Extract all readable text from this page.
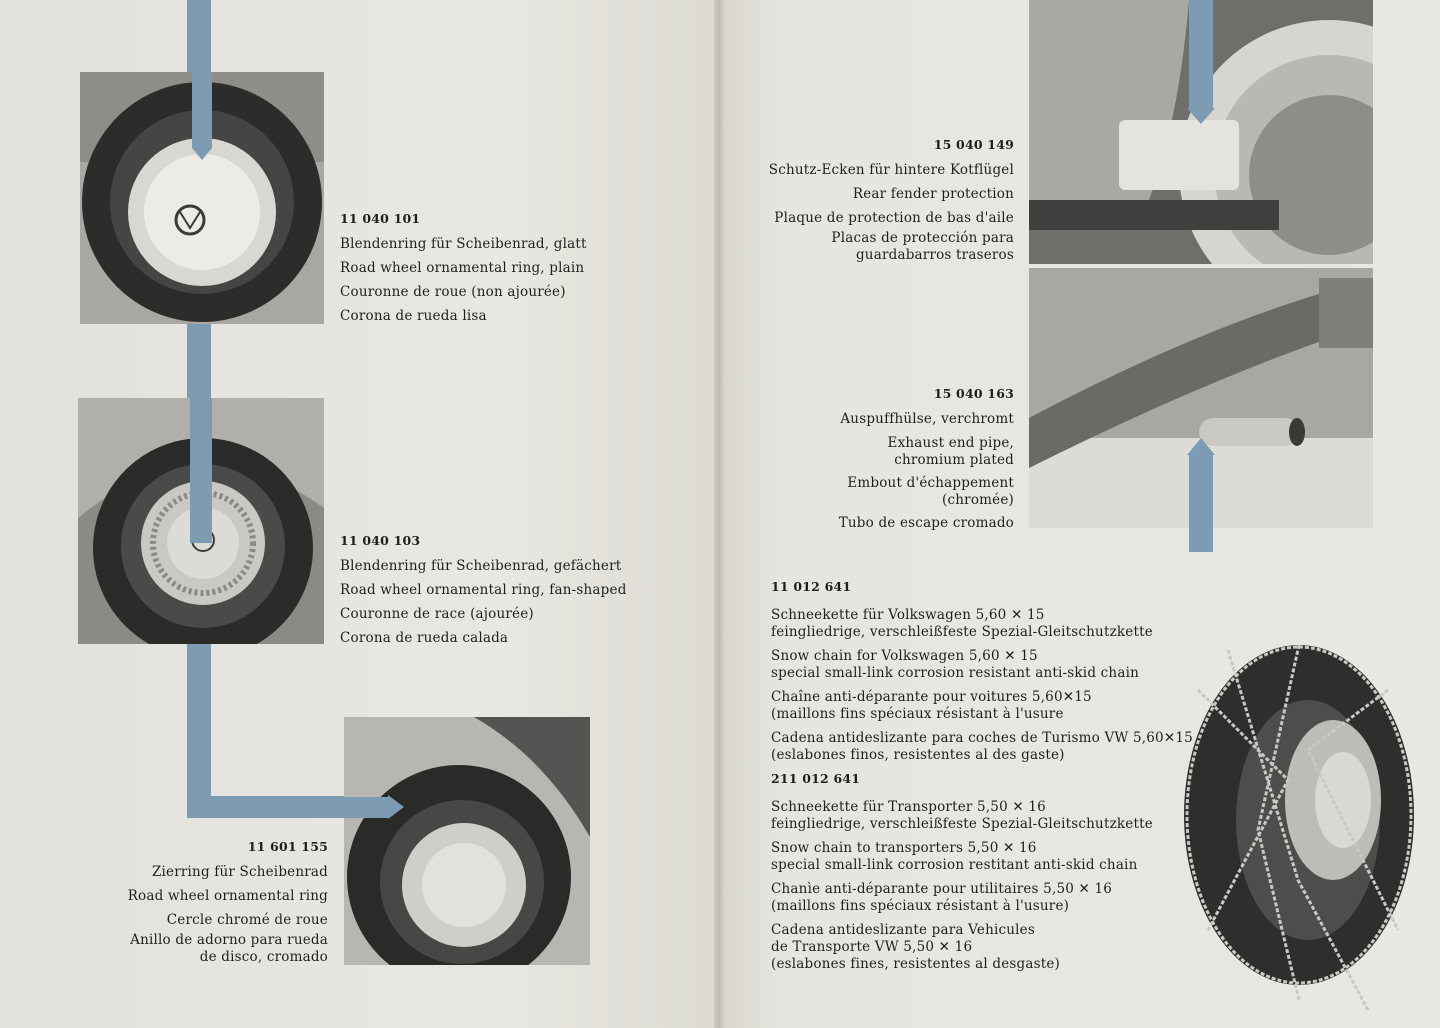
11 040 101
Blendenring für Scheibenrad, glatt
Road wheel ornamental ring, plain
Couronne de roue (non ajourée)
Corona de rueda lisa
11 040 103
Blendenring für Scheibenrad, gefächert
Road wheel ornamental ring, fan-shaped
Couronne de race (ajourée)
Corona de rueda calada
11 601 155
Zierring für Scheibenrad
Road wheel ornamental ring
Cercle chromé de roue
Anillo de adorno para rueda
de disco, cromado
15 040 149
Schutz-Ecken für hintere Kotflügel
Rear fender protection
Plaque de protection de bas d'aile
Placas de protección para
guardabarros traseros
15 040 163
Auspuffhülse, verchromt
Exhaust end pipe,
chromium plated
Embout d'échappement
(chromée)
Tubo de escape cromado
11 012 641
Schneekette für Volkswagen 5,60 ✕ 15
feingliedrige, verschleißfeste Spezial-Gleitschutzkette
Snow chain for Volkswagen 5,60 ✕ 15
special small-link corrosion resistant anti-skid chain
Chaîne anti-déparante pour voitures 5,60✕15
(maillons fins spéciaux résistant à l'usure
Cadena antideslizante para coches de Turismo VW 5,60✕15
(eslabones finos, resistentes al des gaste)
211 012 641
Schneekette für Transporter 5,50 ✕ 16
feingliedrige, verschleißfeste Spezial-Gleitschutzkette
Snow chain to transporters 5,50 ✕ 16
special small-link corrosion restitant anti-skid chain
Chanìe anti-déparante pour utilitaires 5,50 ✕ 16
(maillons fins spéciaux résistant à l'usure)
Cadena antideslizante para Vehicules
de Transporte VW 5,50 ✕ 16
(eslabones fines, resistentes al desgaste)
